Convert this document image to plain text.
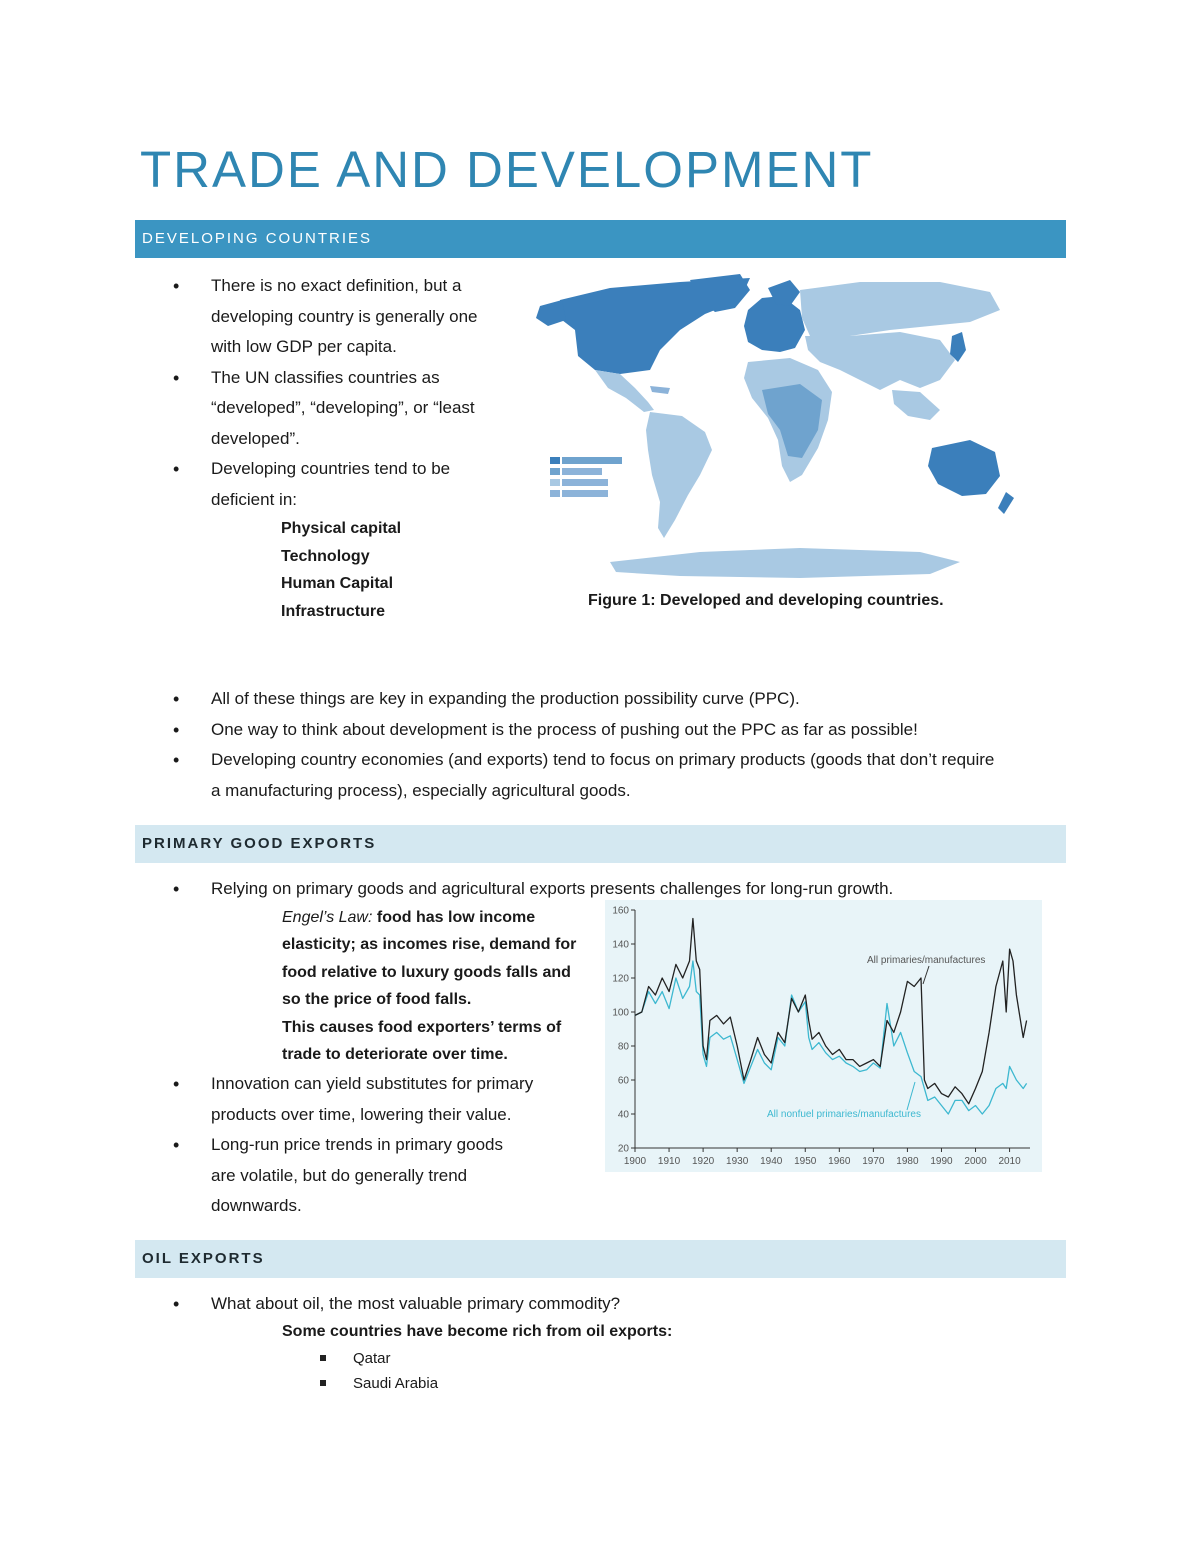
TRADE AND DEVELOPMENT
DEVELOPING COUNTRIES
• There is no exact definition, but a developing country is generally one with low GDP per capita.
• The UN classifies countries as “developed”, “developing”, or “least developed”.
• Developing countries tend to be deficient in:
Physical capital
Technology
Human Capital
Infrastructure
Figure 1: Developed and developing countries.
• All of these things are key in expanding the production possibility curve (PPC).
• One way to think about development is the process of pushing out the PPC as far as possible!
• Developing country economies (and exports) tend to focus on primary products (goods that don’t require a manufacturing process), especially agricultural goods.
PRIMARY GOOD EXPORTS
• Relying on primary goods and agricultural exports presents challenges for long-run growth.
Engel’s Law: food has low income elasticity; as incomes rise, demand for food relative to luxury goods falls and so the price of food falls.
This causes food exporters’ terms of trade to deteriorate over time.
• Innovation can yield substitutes for primary products over time, lowering their value.
• Long-run price trends in primary goods are volatile, but do generally trend downwards.
20
40
60
80
100
120
140
160
1900 1910 1920 1930 1940 1950 1960 1970 1980 1990 2000 2010
All primaries/manufactures
All nonfuel primaries/manufactures
OIL EXPORTS
• What about oil, the most valuable primary commodity?
Some countries have become rich from oil exports:
Qatar
Saudi Arabia
